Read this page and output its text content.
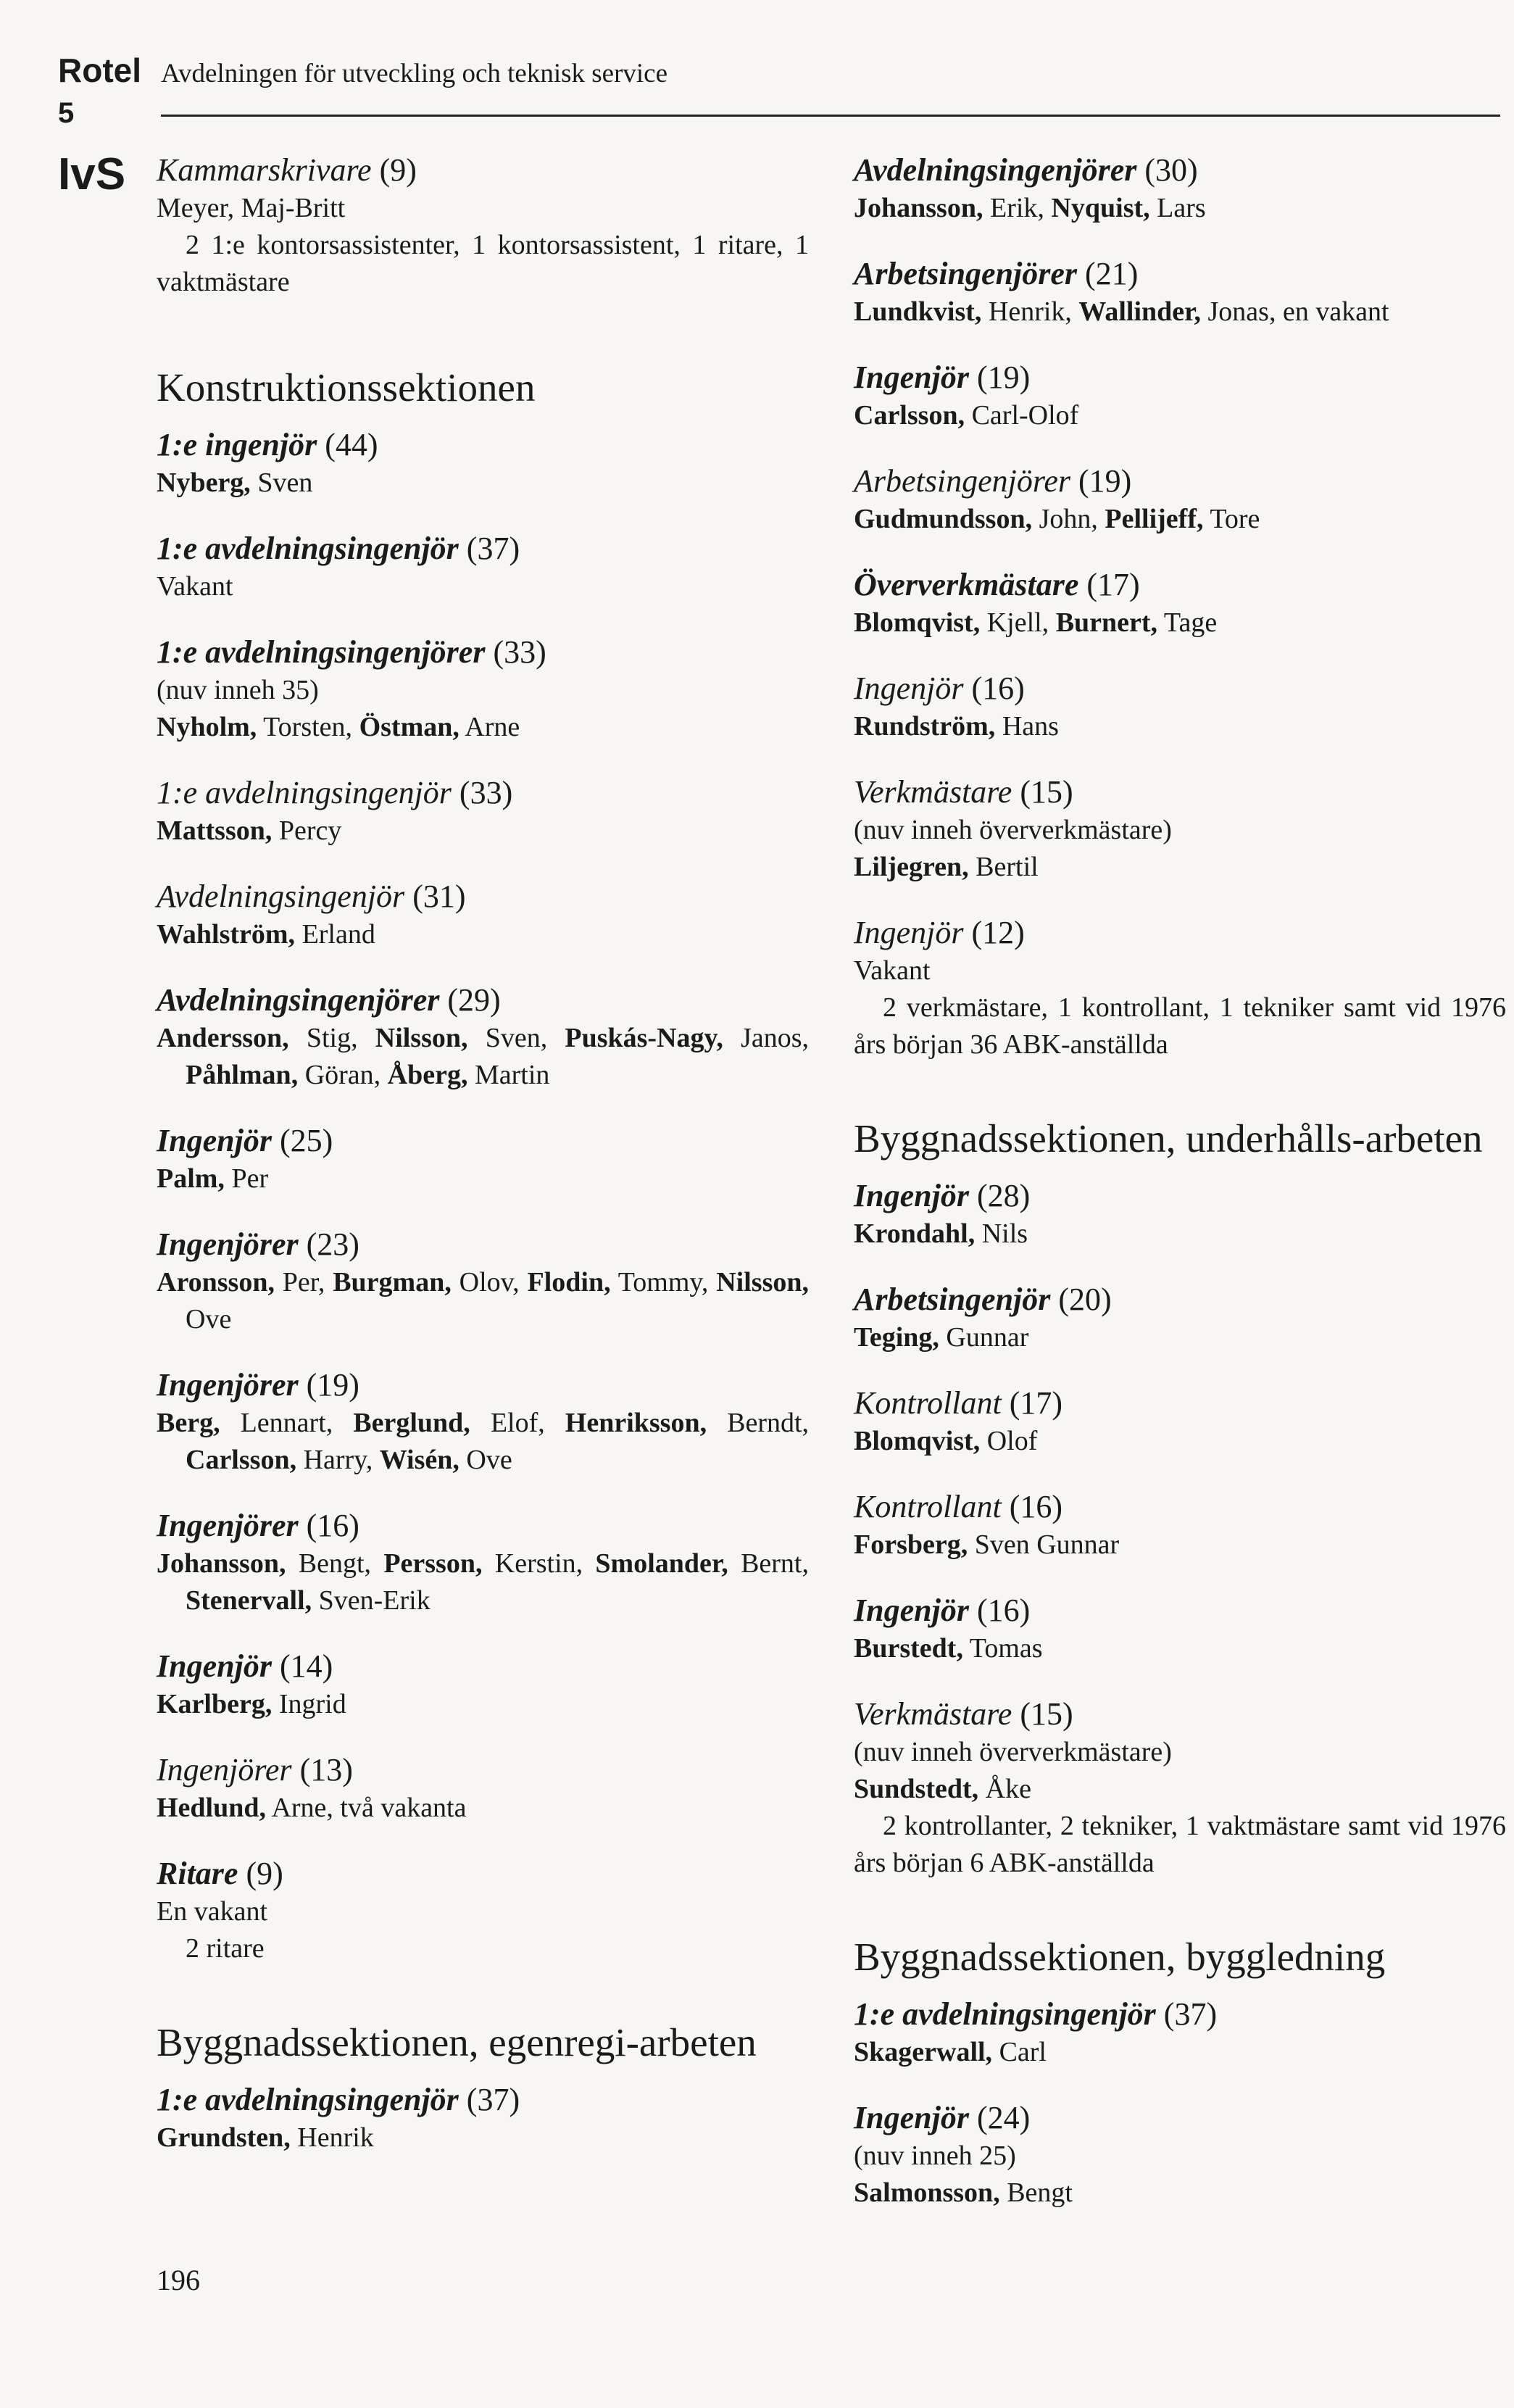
Rotel
5
Avdelningen för utveckling och teknisk service
IvS Kammarskrivare (9)
Meyer, Maj-Britt
2 1:e kontorsassistenter, 1 kontorsassistent, 1 ritare, 1 vaktmästare
Konstruktionssektionen
1:e ingenjör (44)
Nyberg, Sven
1:e avdelningsingenjör (37)
Vakant
1:e avdelningsingenjörer (33)
(nuv inneh 35)
Nyholm, Torsten, Östman, Arne
1:e avdelningsingenjör (33)
Mattsson, Percy
Avdelningsingenjör (31)
Wahlström, Erland
Avdelningsingenjörer (29)
Andersson, Stig, Nilsson, Sven, Puskás-Nagy, Janos, Påhlman, Göran, Åberg, Martin
Ingenjör (25)
Palm, Per
Ingenjörer (23)
Aronsson, Per, Burgman, Olov, Flodin, Tommy, Nilsson, Ove
Ingenjörer (19)
Berg, Lennart, Berglund, Elof, Henriksson, Berndt, Carlsson, Harry, Wisén, Ove
Ingenjörer (16)
Johansson, Bengt, Persson, Kerstin, Smolander, Bernt, Stenervall, Sven-Erik
Ingenjör (14)
Karlberg, Ingrid
Ingenjörer (13)
Hedlund, Arne, två vakanta
Ritare (9)
En vakant
2 ritare
Byggnadssektionen, egenregi-arbeten
1:e avdelningsingenjör (37)
Grundsten, Henrik
Avdelningsingenjörer (30)
Johansson, Erik, Nyquist, Lars
Arbetsingenjörer (21)
Lundkvist, Henrik, Wallinder, Jonas, en vakant
Ingenjör (19)
Carlsson, Carl-Olof
Arbetsingenjörer (19)
Gudmundsson, John, Pellijeff, Tore
Öververkmästare (17)
Blomqvist, Kjell, Burnert, Tage
Ingenjör (16)
Rundström, Hans
Verkmästare (15)
(nuv inneh öververkmästare)
Liljegren, Bertil
Ingenjör (12)
Vakant
2 verkmästare, 1 kontrollant, 1 tekniker samt vid 1976 års början 36 ABK-anställda
Byggnadssektionen, underhålls-arbeten
Ingenjör (28)
Krondahl, Nils
Arbetsingenjör (20)
Teging, Gunnar
Kontrollant (17)
Blomqvist, Olof
Kontrollant (16)
Forsberg, Sven Gunnar
Ingenjör (16)
Burstedt, Tomas
Verkmästare (15)
(nuv inneh öververkmästare)
Sundstedt, Åke
2 kontrollanter, 2 tekniker, 1 vaktmästare samt vid 1976 års början 6 ABK-anställda
Byggnadssektionen, byggledning
1:e avdelningsingenjör (37)
Skagerwall, Carl
Ingenjör (24)
(nuv inneh 25)
Salmonsson, Bengt
196
